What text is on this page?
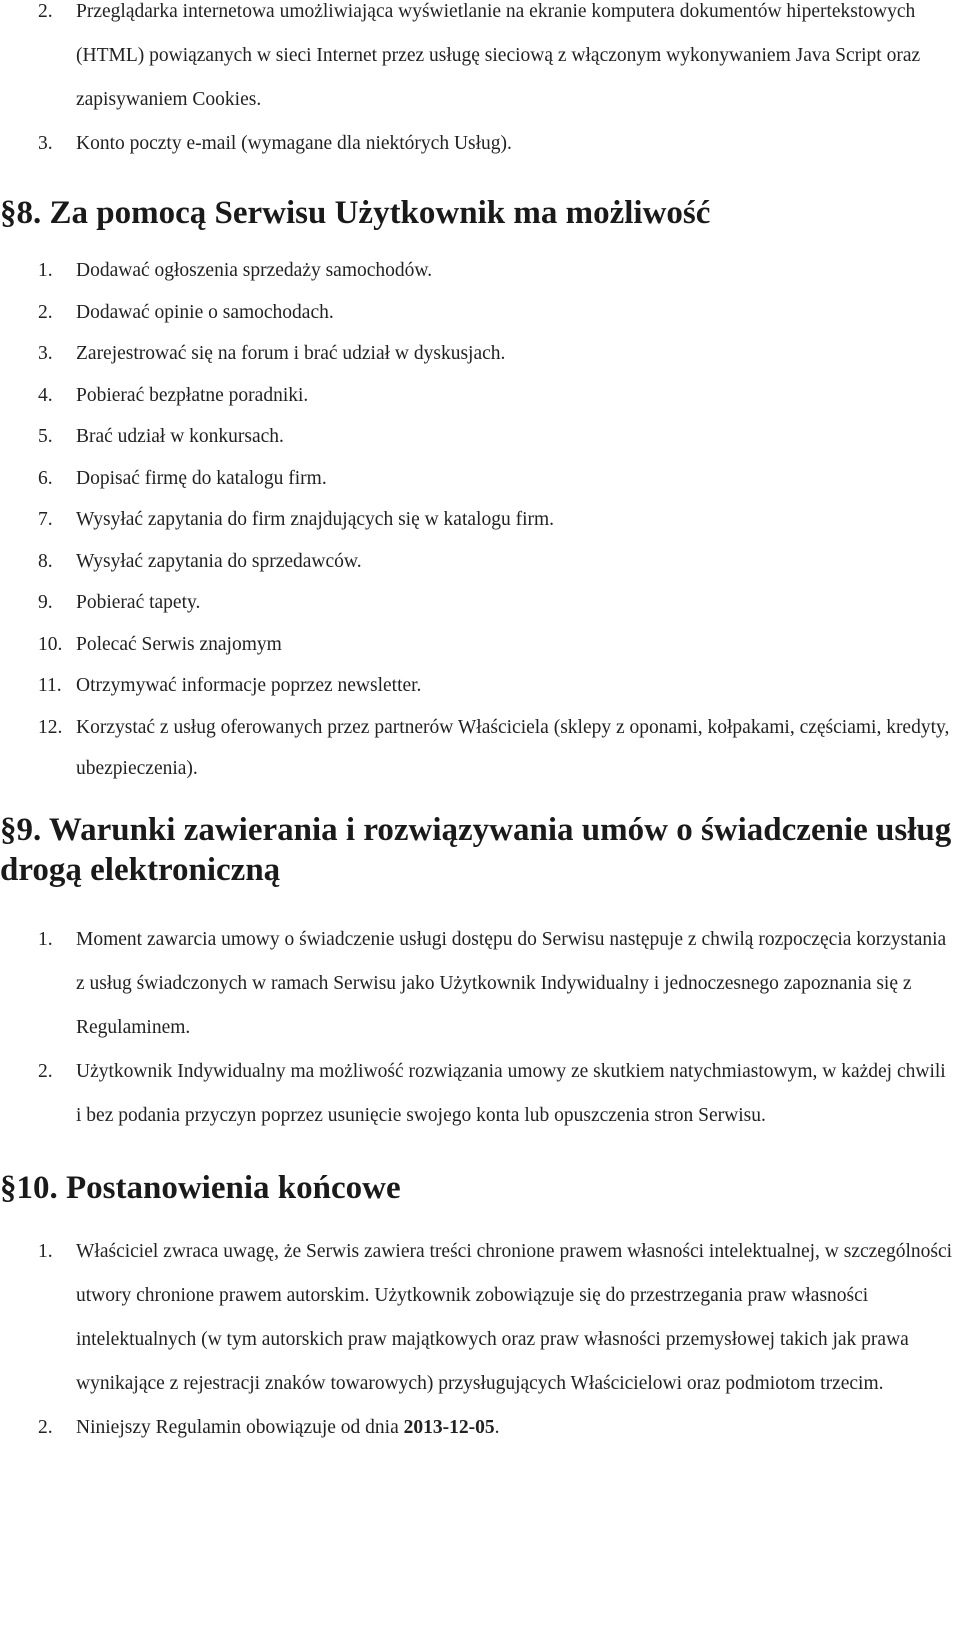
2. Przeglądarka internetowa umożliwiająca wyświetlanie na ekranie komputera dokumentów hipertekstowych (HTML) powiązanych w sieci Internet przez usługę sieciową z włączonym wykonywaniem Java Script oraz zapisywaniem Cookies.
3. Konto poczty e-mail (wymagane dla niektórych Usług).
§8. Za pomocą Serwisu Użytkownik ma możliwość
1. Dodawać ogłoszenia sprzedaży samochodów.
2. Dodawać opinie o samochodach.
3. Zarejestrować się na forum i brać udział w dyskusjach.
4. Pobierać bezpłatne poradniki.
5. Brać udział w konkursach.
6. Dopisać firmę do katalogu firm.
7. Wysyłać zapytania do firm znajdujących się w katalogu firm.
8. Wysyłać zapytania do sprzedawców.
9. Pobierać tapety.
10. Polecać Serwis znajomym
11. Otrzymywać informacje poprzez newsletter.
12. Korzystać z usług oferowanych przez partnerów Właściciela (sklepy z oponami, kołpakami, częściami, kredyty, ubezpieczenia).
§9. Warunki zawierania i rozwiązywania umów o świadczenie usług drogą elektroniczną
1. Moment zawarcia umowy o świadczenie usługi dostępu do Serwisu następuje z chwilą rozpoczęcia korzystania z usług świadczonych w ramach Serwisu jako Użytkownik Indywidualny i jednoczesnego zapoznania się z Regulaminem.
2. Użytkownik Indywidualny ma możliwość rozwiązania umowy ze skutkiem natychmiastowym, w każdej chwili i bez podania przyczyn poprzez usunięcie swojego konta lub opuszczenia stron Serwisu.
§10. Postanowienia końcowe
1. Właściciel zwraca uwagę, że Serwis zawiera treści chronione prawem własności intelektualnej, w szczególności utwory chronione prawem autorskim. Użytkownik zobowiązuje się do przestrzegania praw własności intelektualnych (w tym autorskich praw majątkowych oraz praw własności przemysłowej takich jak prawa wynikające z rejestracji znaków towarowych) przysługujących Właścicielowi oraz podmiotom trzecim.
2. Niniejszy Regulamin obowiązuje od dnia 2013-12-05.
